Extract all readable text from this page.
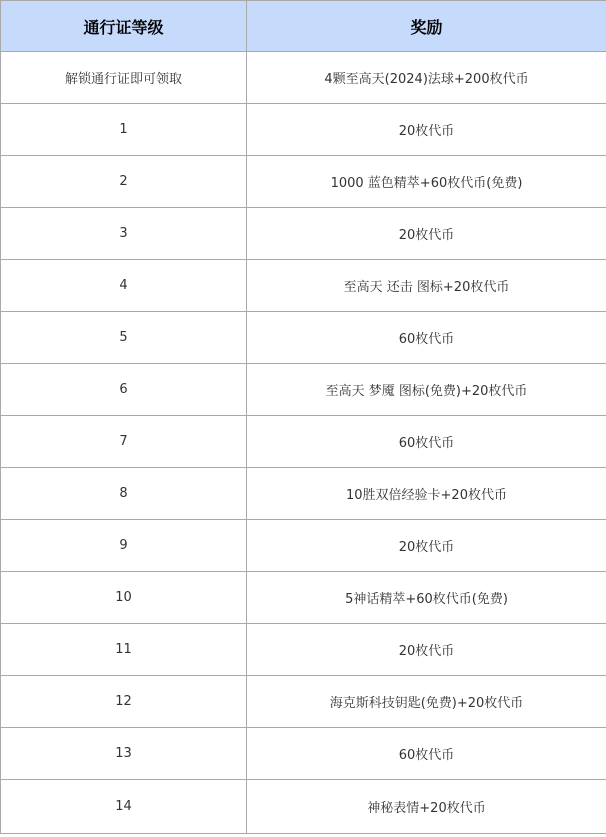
通行证等级	奖励
解锁通行证即可领取	4颗至高天(2024)法球+200枚代币
1	20枚代币
2	1000 蓝色精萃+60枚代币(免费)
3	20枚代币
4	至高天 还击 图标+20枚代币
5	60枚代币
6	至高天 梦魇 图标(免费)+20枚代币
7	60枚代币
8	10胜双倍经验卡+20枚代币
9	20枚代币
10	5神话精萃+60枚代币(免费)
11	20枚代币
12	海克斯科技钥匙(免费)+20枚代币
13	60枚代币
14	神秘表情+20枚代币
